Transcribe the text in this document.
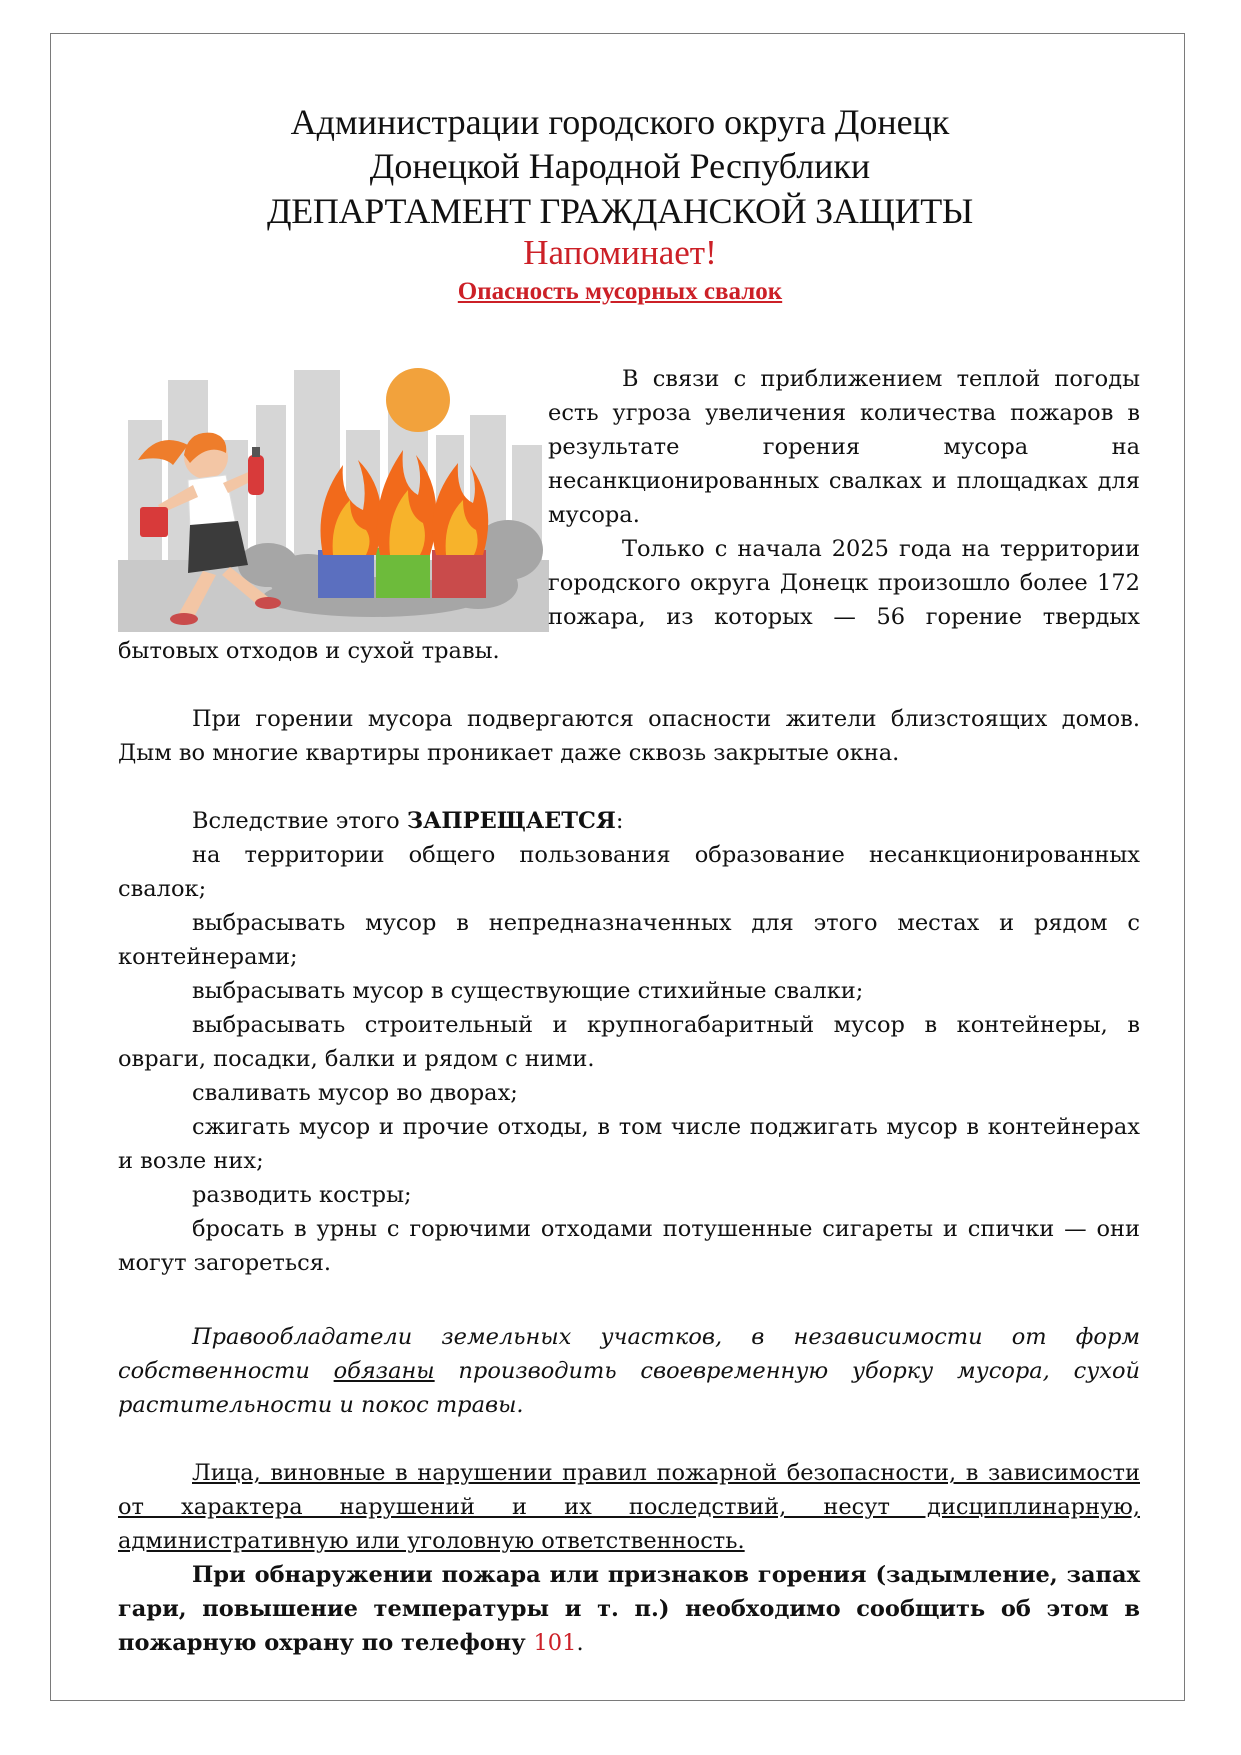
Администрации городского округа Донецк
Донецкой Народной Республики
ДЕПАРТАМЕНТ ГРАЖДАНСКОЙ ЗАЩИТЫ
Напоминает!
Опасность мусорных свалок
В связи с приближением теплой погоды
есть угроза увеличения количества пожаров в
результате горения мусора на
несанкционированных свалках и площадках для
мусора.
Только с начала 2025 года на территории
городского округа Донецк произошло более 172
пожара, из которых — 56 горение твердых
бытовых отходов и сухой травы.
При горении мусора подвергаются опасности жители близстоящих домов.
Дым во многие квартиры проникает даже сквозь закрытые окна.
Вследствие этого ЗАПРЕЩАЕТСЯ:
на территории общего пользования образование несанкционированных
свалок;
выбрасывать мусор в непредназначенных для этого местах и рядом с
контейнерами;
выбрасывать мусор в существующие стихийные свалки;
выбрасывать строительный и крупногабаритный мусор в контейнеры, в
овраги, посадки, балки и рядом с ними.
сваливать мусор во дворах;
сжигать мусор и прочие отходы, в том числе поджигать мусор в контейнерах
и возле них;
разводить костры;
бросать в урны с горючими отходами потушенные сигареты и спички — они
могут загореться.
Правообладатели земельных участков, в независимости от форм
собственности обязаны производить своевременную уборку мусора, сухой
растительности и покос травы.
Лица, виновные в нарушении правил пожарной безопасности, в зависимости
от характера нарушений и их последствий, несут дисциплинарную,
административную или уголовную ответственность.
При обнаружении пожара или признаков горения (задымление, запах
гари, повышение температуры и т. п.) необходимо сообщить об этом в
пожарную охрану по телефону 101.
